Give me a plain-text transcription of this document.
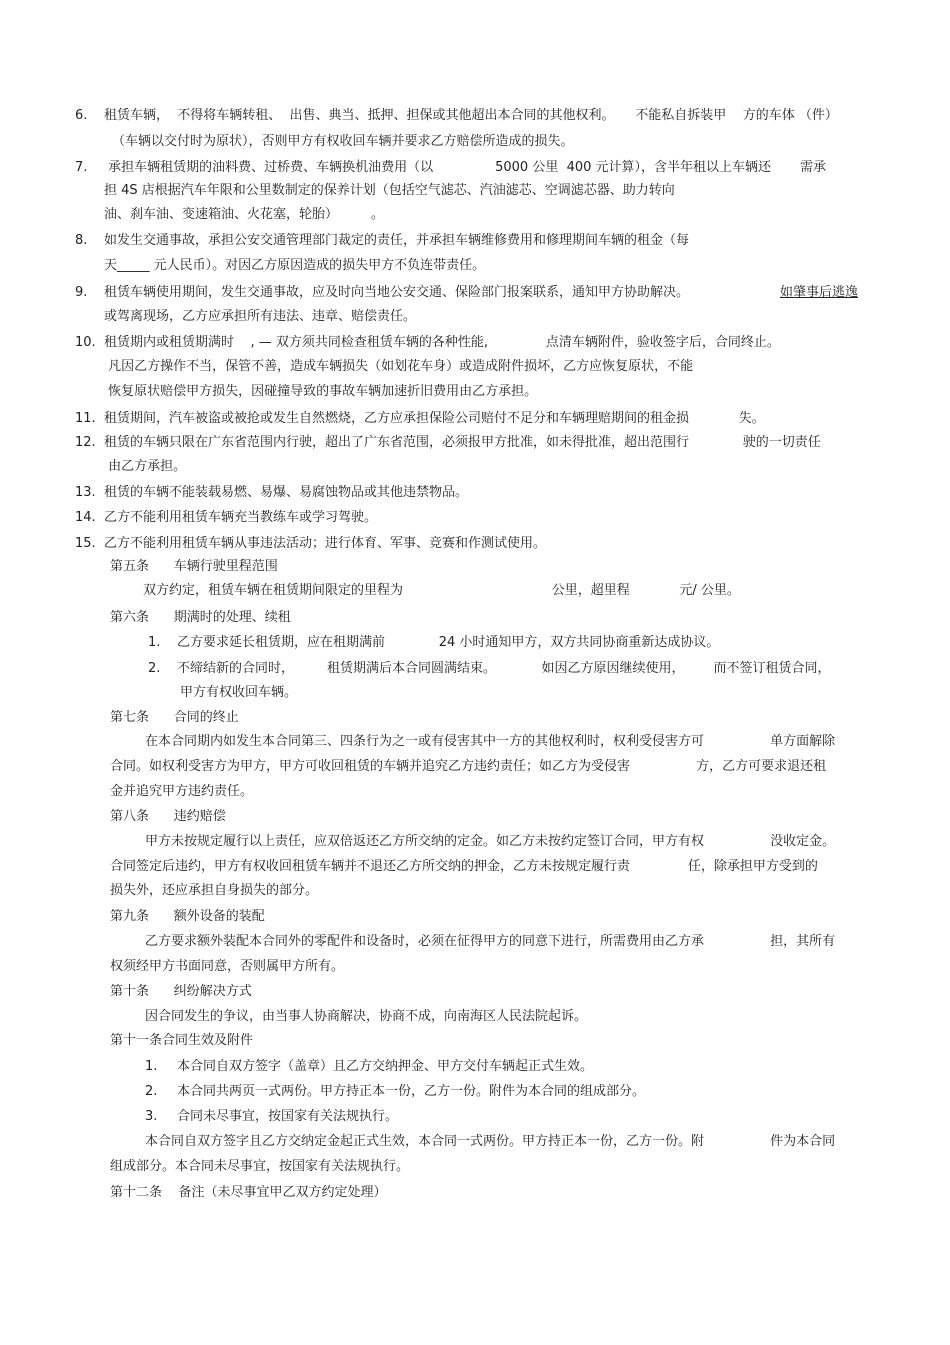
6. 租赁车辆，  不得将车辆转租、  出售、典当、抵押、担保或其他超出本合同的其他权利。     不能私自拆装甲    方的车体 （件）
（车辆以交付时为原状），否则甲方有权收回车辆并要求乙方赔偿所造成的损失。
7. 承担车辆租赁期的油料费、过桥费、车辆换机油费用（以               5000 公里  400 元计算），含半年租以上车辆还       需承
担 4S 店根据汽车年限和公里数制定的保养计划（包括空气滤芯、汽油滤芯、空调滤芯器、助力转向
油、刹车油、变速箱油、火花塞，轮胎）        。
8. 如发生交通事故，承担公安交通管理部门裁定的责任，并承担车辆维修费用和修理期间车辆的租金（每
天_____ 元人民币）。对因乙方原因造成的损失甲方不负连带责任。
9. 租赁车辆使用期间，发生交通事故，应及时向当地公安交通、保险部门报案联系，通知甲方协助解决。	如肇事后逃逸
或驾离现场，乙方应承担所有违法、违章、赔偿责任。
10. 租赁期内或租赁期满时    , — 双方须共同检查租赁车辆的各种性能,              点清车辆附件，验收签字后，合同终止。
凡因乙方操作不当，保管不善，造成车辆损失（如划花车身）或造成附件损坏，乙方应恢复原状，不能
恢复原状赔偿甲方损失，因碰撞导致的事故车辆加速折旧费用由乙方承担。
11. 租赁期间，汽车被盗或被抢或发生自然燃烧，乙方应承担保险公司赔付不足分和车辆理赔期间的租金损            失。
12. 租赁的车辆只限在广东省范围内行驶，超出了广东省范围，必须报甲方批准，如未得批准，超出范围行             驶的一切责任
由乙方承担。
13. 租赁的车辆不能装载易燃、易爆、易腐蚀物品或其他违禁物品。
14. 乙方不能利用租赁车辆充当教练车或学习驾驶。
15. 乙方不能利用租赁车辆从事违法活动；进行体育、军事、竞赛和作测试使用。
第五条      车辆行驶里程范围
双方约定，租赁车辆在租赁期间限定的里程为                                    公里，超里程            元/ 公里。
第六条      期满时的处理、续租
1. 乙方要求延长租赁期，应在租期满前             24 小时通知甲方，双方共同协商重新达成协议。
2. 不缔结新的合同时，        租赁期满后本合同圆满结束。           如因乙方原因继续使用，       而不签订租赁合同，
甲方有权收回车辆。
第七条      合同的终止
在本合同期内如发生本合同第三、四条行为之一或有侵害其中一方的其他权利时，权利受侵害方可                单方面解除
合同。如权利受害方为甲方，甲方可收回租赁的车辆并追究乙方违约责任；如乙方为受侵害                方，乙方可要求退还租
金并追究甲方违约责任。
第八条      违约赔偿
甲方未按规定履行以上责任，应双倍返还乙方所交纳的定金。如乙方未按约定签订合同，甲方有权                没收定金。
合同签定后违约，甲方有权收回租赁车辆并不退还乙方所交纳的押金，乙方未按规定履行责              任，除承担甲方受到的
损失外，还应承担自身损失的部分。
第九条      额外设备的装配
乙方要求额外装配本合同外的零配件和设备时，必须在征得甲方的同意下进行，所需费用由乙方承                担，其所有
权须经甲方书面同意，否则属甲方所有。
第十条      纠纷解决方式
因合同发生的争议，由当事人协商解决，协商不成，向南海区人民法院起诉。
第十一条合同生效及附件
1. 本合同自双方签字（盖章）且乙方交纳押金、甲方交付车辆起正式生效。
2. 本合同共两页一式两份。甲方持正本一份，乙方一份。附件为本合同的组成部分。
3. 合同未尽事宜，按国家有关法规执行。
本合同自双方签字且乙方交纳定金起正式生效，本合同一式两份。甲方持正本一份，乙方一份。附                件为本合同
组成部分。本合同未尽事宜，按国家有关法规执行。
第十二条    备注（未尽事宜甲乙双方约定处理）
